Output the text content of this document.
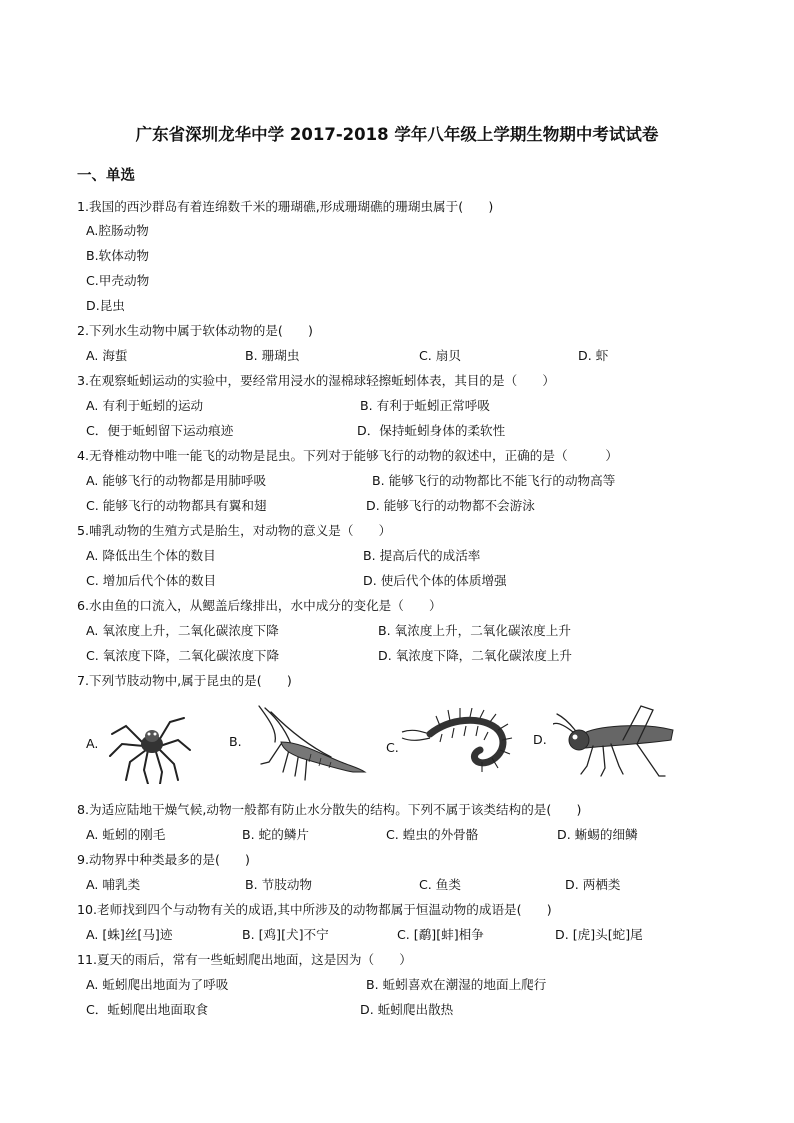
广东省深圳龙华中学 2017-2018 学年八年级上学期生物期中考试试卷
一、单选
1.我国的西沙群岛有着连绵数千米的珊瑚礁,形成珊瑚礁的珊瑚虫属于(　　)
A.腔肠动物
B.软体动物
C.甲壳动物
D.昆虫
2.下列水生动物中属于软体动物的是(　　)
A. 海蜇	B. 珊瑚虫	C. 扇贝	D. 虾
3.在观察蚯蚓运动的实验中，要经常用浸水的湿棉球轻擦蚯蚓体表，其目的是（　　）
A. 有利于蚯蚓的运动	B. 有利于蚯蚓正常呼吸
C．便于蚯蚓留下运动痕迹	D．保持蚯蚓身体的柔软性
4.无脊椎动物中唯一能飞的动物是昆虫。下列对于能够飞行的动物的叙述中，正确的是（　　　）
A. 能够飞行的动物都是用肺呼吸	B. 能够飞行的动物都比不能飞行的动物高等
C. 能够飞行的动物都具有翼和翅	D. 能够飞行的动物都不会游泳
5.哺乳动物的生殖方式是胎生，对动物的意义是（　　）
A. 降低出生个体的数目	B. 提高后代的成活率
C. 增加后代个体的数目	D. 使后代个体的体质增强
6.水由鱼的口流入，从鳃盖后缘排出，水中成分的变化是（　　）
A. 氧浓度上升，二氧化碳浓度下降	B. 氧浓度上升，二氧化碳浓度上升
C. 氧浓度下降，二氧化碳浓度下降	D. 氧浓度下降，二氧化碳浓度上升
7.下列节肢动物中,属于昆虫的是(　　)
A.	B.	C.
D.
8.为适应陆地干燥气候,动物一般都有防止水分散失的结构。下列不属于该类结构的是(　　)
A. 蚯蚓的刚毛	B. 蛇的鳞片	C. 蝗虫的外骨骼	D. 蜥蜴的细鳞
9.动物界中种类最多的是(　　)
A. 哺乳类	B. 节肢动物	C. 鱼类	D. 两栖类
10.老师找到四个与动物有关的成语,其中所涉及的动物都属于恒温动物的成语是(　　)
A. [蛛]丝[马]迹	B. [鸡][犬]不宁	C. [鹬][蚌]相争	D. [虎]头[蛇]尾
11.夏天的雨后，常有一些蚯蚓爬出地面，这是因为（　　）
A. 蚯蚓爬出地面为了呼吸	B. 蚯蚓喜欢在潮湿的地面上爬行
C．蚯蚓爬出地面取食	D. 蚯蚓爬出散热
